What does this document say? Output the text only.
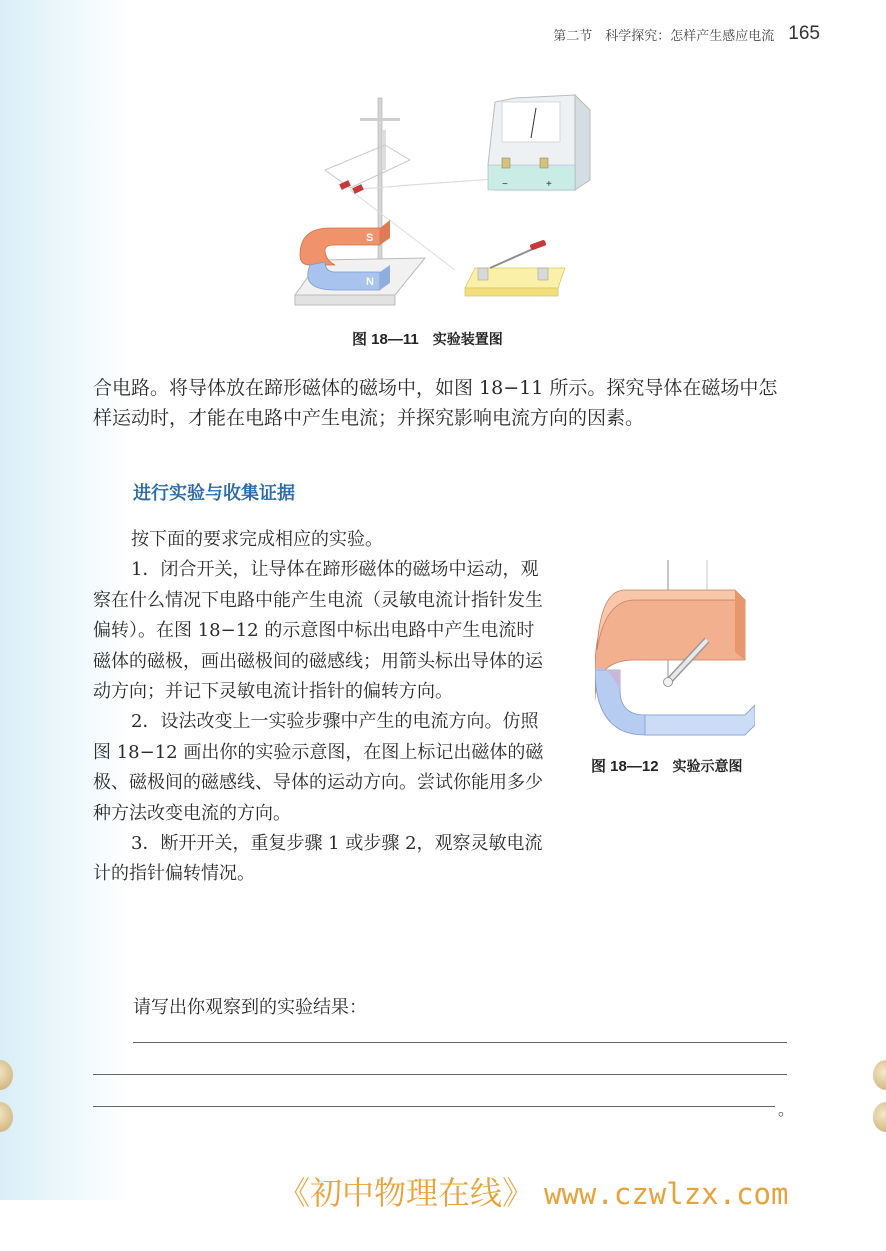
第二节　科学探究：怎样产生感应电流 165
S
N
−	+
图 18—11 实验装置图

合电路。将导体放在蹄形磁体的磁场中，如图 18−11 所示。探究导体在磁场中怎样运动时，才能在电路中产生电流；并探究影响电流方向的因素。

进行实验与收集证据

按下面的要求完成相应的实验。

1．闭合开关，让导体在蹄形磁体的磁场中运动，观察在什么情况下电路中能产生电流（灵敏电流计指针发生偏转）。在图 18−12 的示意图中标出电路中产生电流时磁体的磁极，画出磁极间的磁感线；用箭头标出导体的运动方向；并记下灵敏电流计指针的偏转方向。

2．设法改变上一实验步骤中产生的电流方向。仿照图 18−12 画出你的实验示意图，在图上标记出磁体的磁极、磁极间的磁感线、导体的运动方向。尝试你能用多少种方法改变电流的方向。

3．断开开关，重复步骤 1 或步骤 2，观察灵敏电流计的指针偏转情况。

图 18—12 实验示意图
请写出你观察到的实验结果：
。
《初中物理在线》 www.czwlzx.com
